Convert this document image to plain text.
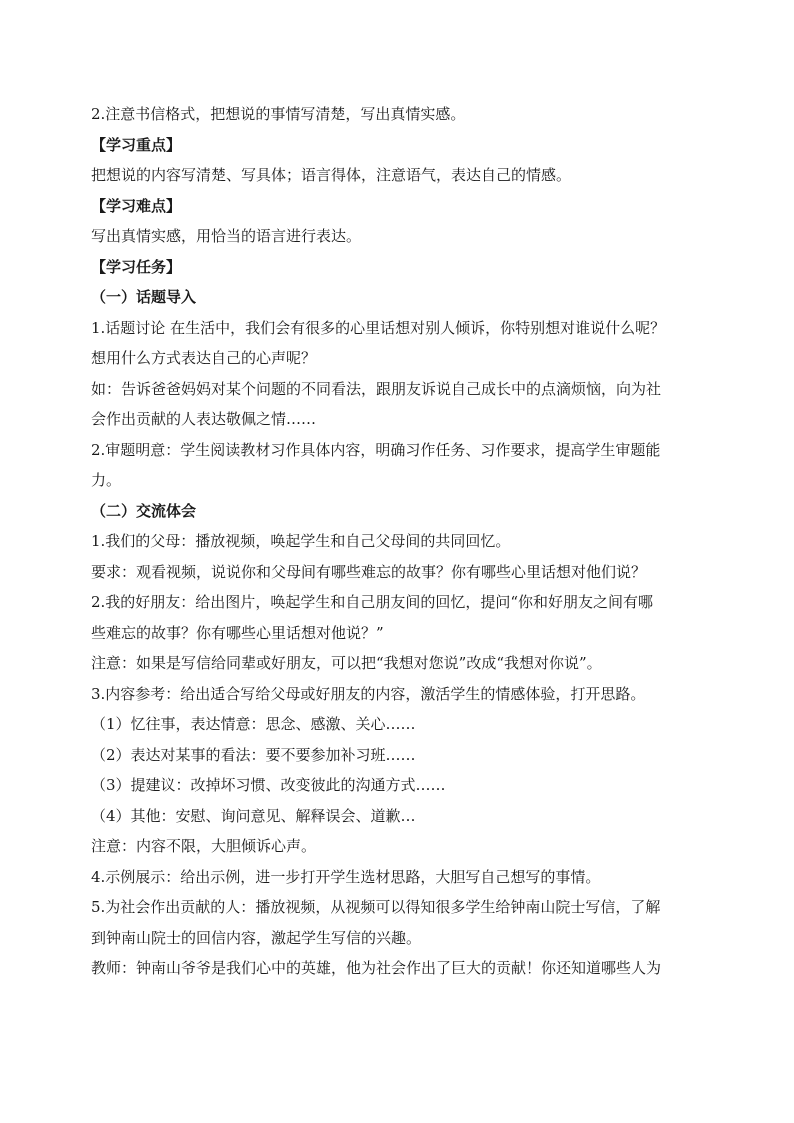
2.注意书信格式，把想说的事情写清楚，写出真情实感。

【学习重点】

把想说的内容写清楚、写具体；语言得体，注意语气，表达自己的情感。

【学习难点】

写出真情实感，用恰当的语言进行表达。

【学习任务】

（一）话题导入

1.话题讨论 在生活中，我们会有很多的心里话想对别人倾诉，你特别想对谁说什么呢？

想用什么方式表达自己的心声呢？

如：告诉爸爸妈妈对某个问题的不同看法，跟朋友诉说自己成长中的点滴烦恼，向为社

会作出贡献的人表达敬佩之情……

2.审题明意：学生阅读教材习作具体内容，明确习作任务、习作要求，提高学生审题能

力。

（二）交流体会

1.我们的父母：播放视频，唤起学生和自己父母间的共同回忆。

要求：观看视频，说说你和父母间有哪些难忘的故事？你有哪些心里话想对他们说？

2.我的好朋友：给出图片，唤起学生和自己朋友间的回忆，提问“你和好朋友之间有哪

些难忘的故事？你有哪些心里话想对他说？”

注意：如果是写信给同辈或好朋友，可以把“我想对您说”改成“我想对你说”。

3.内容参考：给出适合写给父母或好朋友的内容，激活学生的情感体验，打开思路。

（1）忆往事，表达情意：思念、感激、关心……

（2）表达对某事的看法：要不要参加补习班……

（3）提建议：改掉坏习惯、改变彼此的沟通方式……

（4）其他：安慰、询问意见、解释误会、道歉…

注意：内容不限，大胆倾诉心声。

4.示例展示：给出示例，进一步打开学生选材思路，大胆写自己想写的事情。

5.为社会作出贡献的人：播放视频，从视频可以得知很多学生给钟南山院士写信，了解

到钟南山院士的回信内容，激起学生写信的兴趣。

教师：钟南山爷爷是我们心中的英雄，他为社会作出了巨大的贡献！你还知道哪些人为
